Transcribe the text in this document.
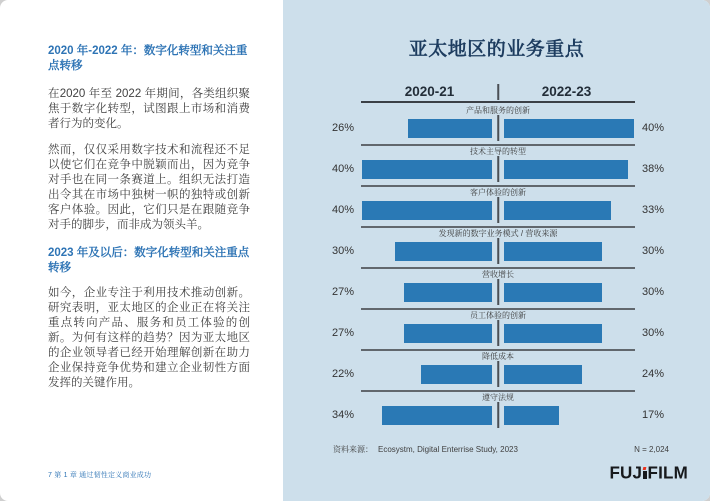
2020 年-2022 年：数字化转型和关注重点转移

在2020 年至 2022 年期间，各类组织聚焦于数字化转型，试图跟上市场和消费者行为的变化。

然而，仅仅采用数字技术和流程还不足以使它们在竞争中脱颖而出，因为竞争对手也在同一条赛道上。组织无法打造出令其在市场中独树一帜的独特或创新客户体验。因此，它们只是在跟随竞争对手的脚步，而非成为领头羊。

2023 年及以后：数字化转型和关注重点转移

如今，企业专注于利用技术推动创新。研究表明，亚太地区的企业正在将关注重点转向产品、服务和员工体验的创新。为何有这样的趋势？因为亚太地区的企业领导者已经开始理解创新在助力企业保持竞争优势和建立企业韧性方面发挥的关键作用。

7 第 1 章 通过韧性定义商业成功
亚太地区的业务重点
2020-21	2022-23
产品和服务的创新
26%	40%
技术主导的转型
40%	38%
客户体验的创新
40%	33%
发现新的数字业务模式 / 营收来源
30%	30%
营收增长
27%	30%
员工体验的创新
27%	30%
降低成本
22%	24%
遵守法规
34%	17%
资料来源： Ecosystm, Digital Enterrise Study, 2023	N = 2,024
FUJ FILM
